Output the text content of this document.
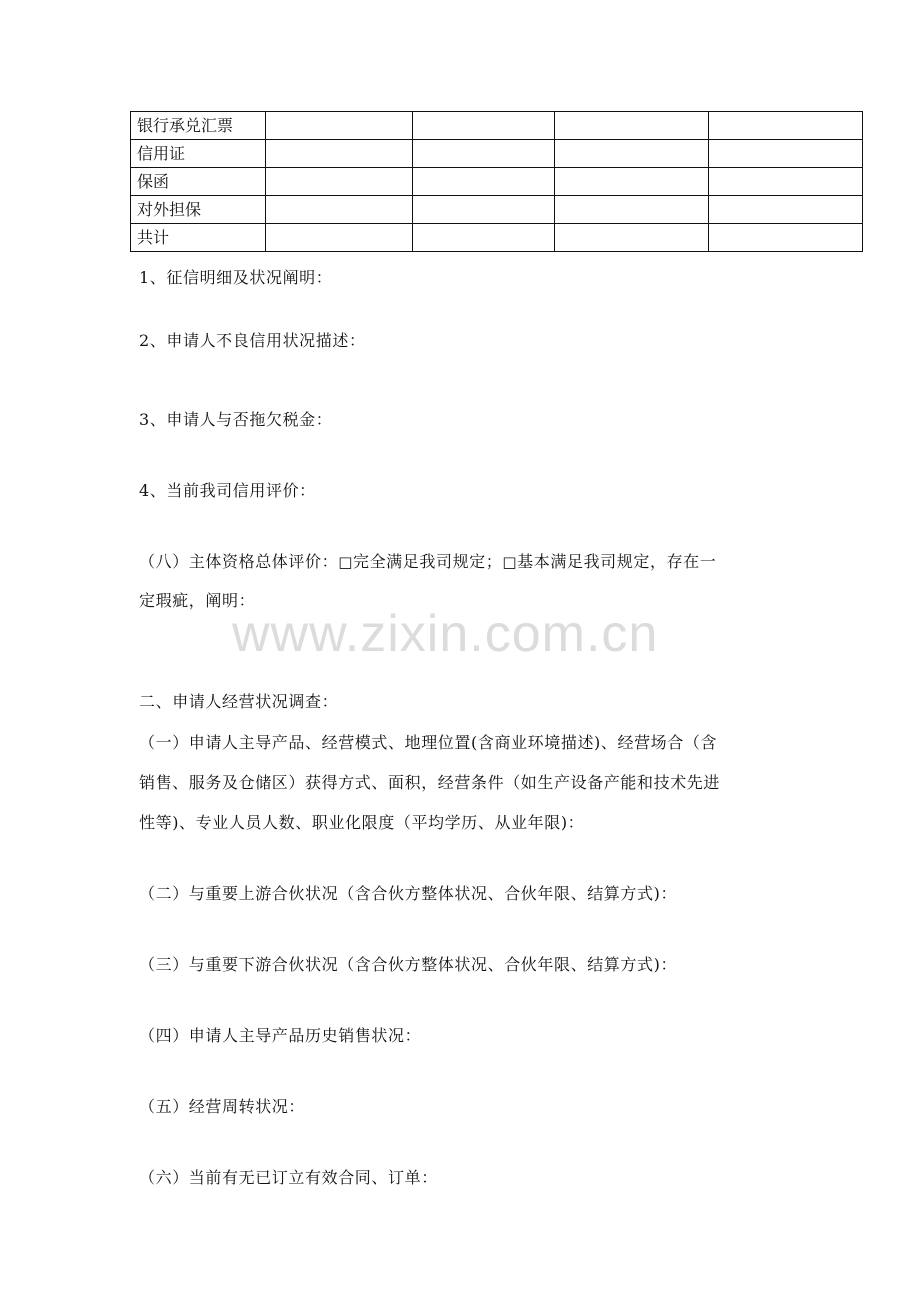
银行承兑汇票				
信用证				
保函				
对外担保				
共计				
1、征信明细及状况阐明：
2、申请人不良信用状况描述：
3、申请人与否拖欠税金：
4、当前我司信用评价：
（八）主体资格总体评价：□完全满足我司规定；□基本满足我司规定，存在一
定瑕疵，阐明：
www.zixin.com.cn
二、申请人经营状况调查：
（一）申请人主导产品、经营模式、地理位置(含商业环境描述)、经营场合（含
销售、服务及仓储区）获得方式、面积，经营条件（如生产设备产能和技术先进
性等)、专业人员人数、职业化限度（平均学历、从业年限)：
（二）与重要上游合伙状况（含合伙方整体状况、合伙年限、结算方式)：
（三）与重要下游合伙状况（含合伙方整体状况、合伙年限、结算方式)：
（四）申请人主导产品历史销售状况：
（五）经营周转状况：
（六）当前有无已订立有效合同、订单：
